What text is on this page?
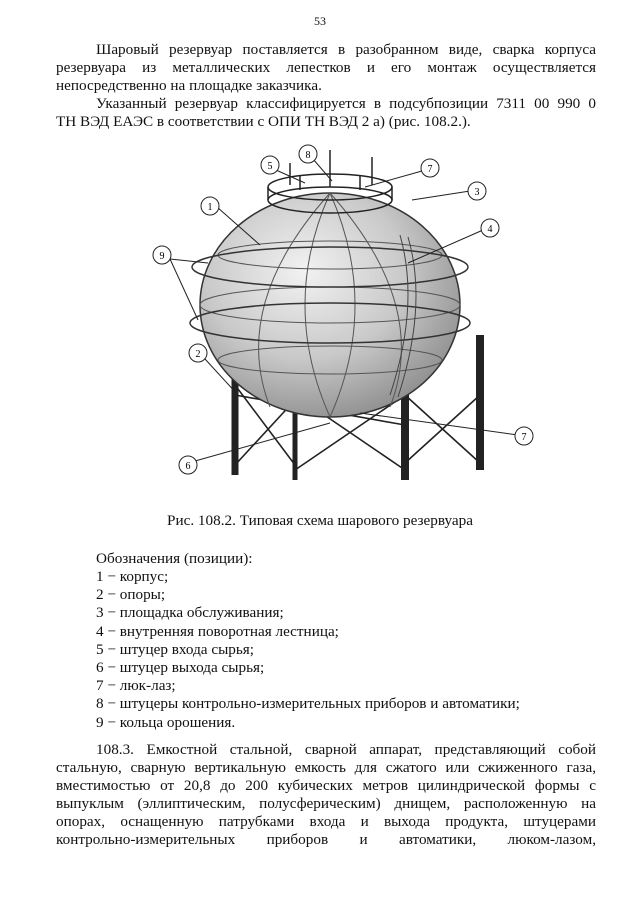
53

Шаровый резервуар поставляется в разобранном виде, сварка корпуса
резервуара из металлических лепестков и его монтаж осуществляется
непосредственно на площадке заказчика.

Указанный резервуар классифицируется в подсубпозиции 7311 00 990 0
ТН ВЭД ЕАЭС в соответствии с ОПИ ТН ВЭД 2 а) (рис. 108.2.).

1
2
3
4
5
6
7
7
8
9
Рис. 108.2. Типовая схема шарового резервуара
Обозначения (позиции):
1 − корпус;
2 − опоры;
3 − площадка обслуживания;
4 − внутренняя поворотная лестница;
5 − штуцер входа сырья;
6 − штуцер выхода сырья;
7 − люк-лаз;
8 − штуцеры контрольно-измерительных приборов и автоматики;
9 − кольца орошения.

108.3. Емкостной стальной, сварной аппарат, представляющий собой
стальную, сварную вертикальную емкость для сжатого или сжиженного газа,
вместимостью от 20,8 до 200 кубических метров цилиндрической формы с
выпуклым (эллиптическим, полусферическим) днищем, расположенную на
опорах, оснащенную патрубками входа и выхода продукта, штуцерами
контрольно-измерительных приборов и автоматики, люком-лазом,
